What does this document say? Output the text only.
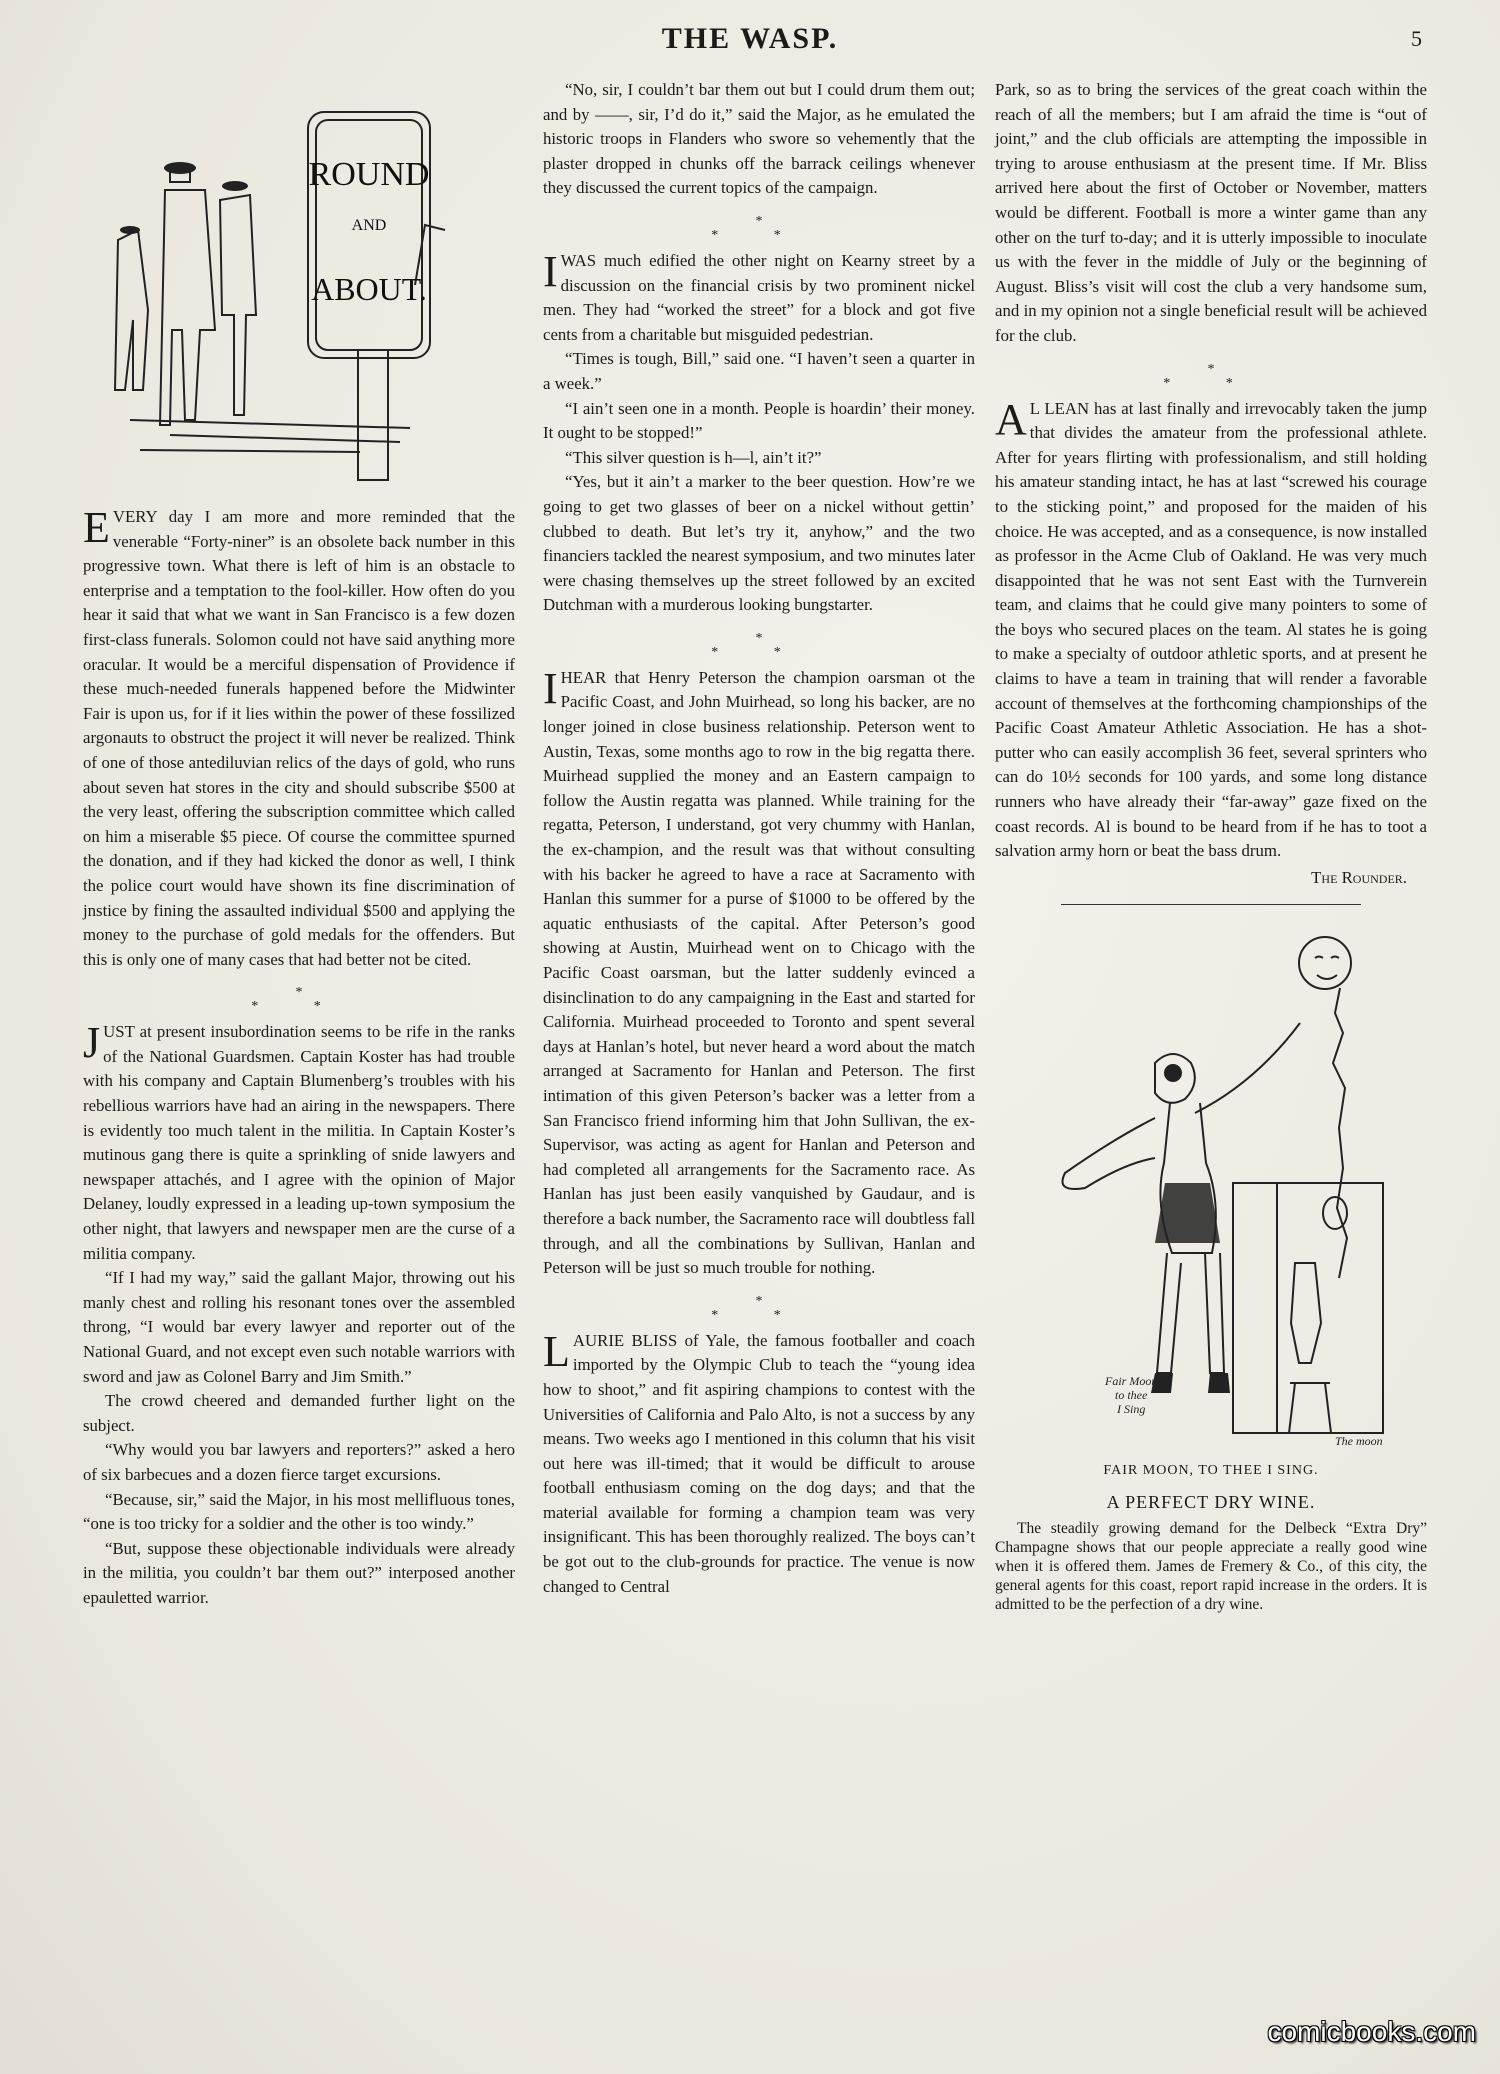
THE WASP.	5
ROUND
AND
ABOUT.

EVERY day I am more and more reminded that the venerable “Forty-niner” is an obsolete back number in this progressive town. What there is left of him is an obstacle to enterprise and a temptation to the fool-killer. How often do you hear it said that what we want in San Francisco is a few dozen first-class funerals. Solomon could not have said anything more oracular. It would be a merciful dispensation of Providence if these much-needed funerals happened before the Midwinter Fair is upon us, for if it lies within the power of these fossilized argonauts to obstruct the project it will never be realized. Think of one of those antediluvian relics of the days of gold, who runs about seven hat stores in the city and should subscribe $500 at the very least, offering the subscription committee which called on him a miserable $5 piece. Of course the committee spurned the donation, and if they had kicked the donor as well, I think the police court would have shown its fine discrimination of jnstice by fining the assaulted individual $500 and applying the money to the purchase of gold medals for the offenders. But this is only one of many cases that had better not be cited.

*
* *

JUST at present insubordination seems to be rife in the ranks of the National Guardsmen. Captain Koster has had trouble with his company and Captain Blumenberg’s troubles with his rebellious warriors have had an airing in the newspapers. There is evidently too much talent in the militia. In Captain Koster’s mutinous gang there is quite a sprinkling of snide lawyers and newspaper attachés, and I agree with the opinion of Major Delaney, loudly expressed in a leading up-town symposium the other night, that lawyers and newspaper men are the curse of a militia company.

“If I had my way,” said the gallant Major, throwing out his manly chest and rolling his resonant tones over the assembled throng, “I would bar every lawyer and reporter out of the National Guard, and not except even such notable warriors with sword and jaw as Colonel Barry and Jim Smith.”

The crowd cheered and demanded further light on the subject.

“Why would you bar lawyers and reporters?” asked a hero of six barbecues and a dozen fierce target excursions.

“Because, sir,” said the Major, in his most mellifluous tones, “one is too tricky for a soldier and the other is too windy.”

“But, suppose these objectionable individuals were already in the militia, you couldn’t bar them out?” interposed another epauletted warrior.

“No, sir, I couldn’t bar them out but I could drum them out; and by ——, sir, I’d do it,” said the Major, as he emulated the historic troops in Flanders who swore so vehemently that the plaster dropped in chunks off the barrack ceilings whenever they discussed the current topics of the campaign.

*
* *

I WAS much edified the other night on Kearny street by a discussion on the financial crisis by two prominent nickel men. They had “worked the street” for a block and got five cents from a charitable but misguided pedestrian.

“Times is tough, Bill,” said one. “I haven’t seen a quarter in a week.”

“I ain’t seen one in a month. People is hoardin’ their money. It ought to be stopped!”

“This silver question is h—l, ain’t it?”

“Yes, but it ain’t a marker to the beer question. How’re we going to get two glasses of beer on a nickel without gettin’ clubbed to death. But let’s try it, anyhow,” and the two financiers tackled the nearest symposium, and two minutes later were chasing themselves up the street followed by an excited Dutchman with a murderous looking bungstarter.

*
* *

I HEAR that Henry Peterson the champion oarsman ot the Pacific Coast, and John Muirhead, so long his backer, are no longer joined in close business relationship. Peterson went to Austin, Texas, some months ago to row in the big regatta there. Muirhead supplied the money and an Eastern campaign to follow the Austin regatta was planned. While training for the regatta, Peterson, I understand, got very chummy with Hanlan, the ex-champion, and the result was that without consulting with his backer he agreed to have a race at Sacramento with Hanlan this summer for a purse of $1000 to be offered by the aquatic enthusiasts of the capital. After Peterson’s good showing at Austin, Muirhead went on to Chicago with the Pacific Coast oarsman, but the latter suddenly evinced a disinclination to do any campaigning in the East and started for California. Muirhead proceeded to Toronto and spent several days at Hanlan’s hotel, but never heard a word about the match arranged at Sacramento for Hanlan and Peterson. The first intimation of this given Peterson’s backer was a letter from a San Francisco friend informing him that John Sullivan, the ex-Supervisor, was acting as agent for Hanlan and Peterson and had completed all arrangements for the Sacramento race. As Hanlan has just been easily vanquished by Gaudaur, and is therefore a back number, the Sacramento race will doubtless fall through, and all the combinations by Sullivan, Hanlan and Peterson will be just so much trouble for nothing.

*
* *

LAURIE BLISS of Yale, the famous footballer and coach imported by the Olympic Club to teach the “young idea how to shoot,” and fit aspiring champions to contest with the Universities of California and Palo Alto, is not a success by any means. Two weeks ago I mentioned in this column that his visit out here was ill-timed; that it would be difficult to arouse football enthusiasm coming on the dog days; and that the material available for forming a champion team was very insignificant. This has been thoroughly realized. The boys can’t be got out to the club-grounds for practice. The venue is now changed to Central

Park, so as to bring the services of the great coach within the reach of all the members; but I am afraid the time is “out of joint,” and the club officials are attempting the impossible in trying to arouse enthusiasm at the present time. If Mr. Bliss arrived here about the first of October or November, matters would be different. Football is more a winter game than any other on the turf to-day; and it is utterly impossible to inoculate us with the fever in the middle of July or the beginning of August. Bliss’s visit will cost the club a very handsome sum, and in my opinion not a single beneficial result will be achieved for the club.

*
* *

A L LEAN has at last finally and irrevocably taken the jump that divides the amateur from the professional athlete. After for years flirting with professionalism, and still holding his amateur standing intact, he has at last “screwed his courage to the sticking point,” and proposed for the maiden of his choice. He was accepted, and as a consequence, is now installed as professor in the Acme Club of Oakland. He was very much disappointed that he was not sent East with the Turnverein team, and claims that he could give many pointers to some of the boys who secured places on the team. Al states he is going to make a specialty of outdoor athletic sports, and at present he claims to have a team in training that will render a favorable account of themselves at the forthcoming championships of the Pacific Coast Amateur Athletic Association. He has a shot-putter who can easily accomplish 36 feet, several sprinters who can do 10½ seconds for 100 yards, and some long distance runners who have already their “far-away” gaze fixed on the coast records. Al is bound to be heard from if he has to toot a salvation army horn or beat the bass drum.

The Rounder.
Fair Moon
to thee
I Sing
The moon
FAIR MOON, TO THEE I SING.
A PERFECT DRY WINE.

The steadily growing demand for the Delbeck “Extra Dry” Champagne shows that our people appreciate a really good wine when it is offered them. James de Fremery & Co., of this city, the general agents for this coast, report rapid increase in the orders. It is admitted to be the perfection of a dry wine.

comicbooks.com
